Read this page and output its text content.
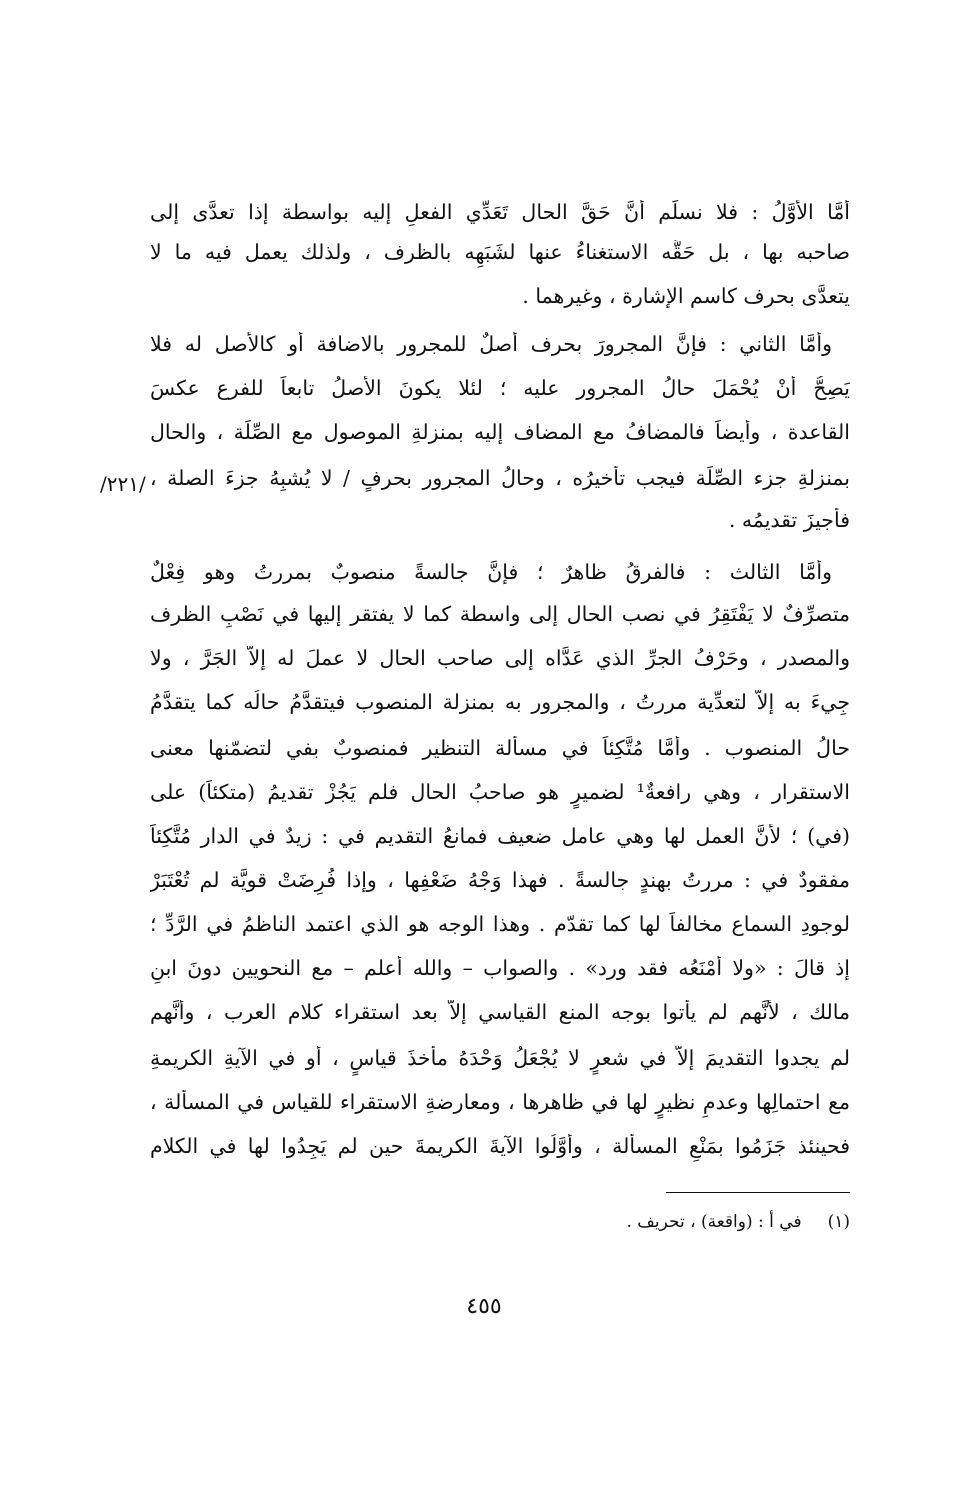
أمَّا الأوَّلُ : فلا نسلِّم أنَّ حَقَّ الحال تَعَدِّي الفعلِ إليه بواسطة إذا تعدَّى إلى
صاحبه بها ، بل حَقُّه الاستغناءُ عنها لشَبَهِه بالظرف ، ولذلك يعمل فيه ما لا
يتعدَّى بحرف كاسم الإشارة ، وغيرهما .
وأمَّا الثاني : فإنَّ المجرورَ بحرف أصلٌ للمجرور بالاضافة أو كالأصل له فلا
يَصِحُّ أنْ يُحْمَلَ حالُ المجرور عليه ؛ لئلا يكونَ الأصلُ تابعاً للفرع عكسَ
القاعدة ، وأيضاً فالمضافُ مع المضاف إليه بمنزلةِ الموصول مع الصِّلَة ، والحال
بمنزلةِ جزء الصِّلَة فيجب تأخيرُه ، وحالُ المجرور بحرفٍ / لا يُشبِهُ جزءَ الصلة ،
فأجيزَ تقديمُه .
وأمَّا الثالث : فالفرقُ ظاهرٌ ؛ فإنَّ جالسةً منصوبٌ بمررتُ وهو فِعْلٌ
متصرِّفٌ لا يَفْتَقِرُ في نصب الحال إلى واسطة كما لا يفتقر إليها في نَصْبِ الظرف
والمصدر ، وحَرْفُ الجرِّ الذي عَدَّاه إلى صاحب الحال لا عملَ له إلاَّ الجَرَّ ، ولا
جِيءَ به إلاَّ لتعدِّية مررتُ ، والمجرور به بمنزلة المنصوب فيتقدَّمُ حالُه كما يتقدَّمُ
حالُ المنصوب . وأمَّا مُتَّكِئاً في مسألة التنظير فمنصوبٌ بفي لتضمّنها معنى
الاستقرار ، وهي رافعةٌ¹ لضميرٍ هو صاحبُ الحال فلم يَجُزْ تقديمُ (متكئاً) على
(في) ؛ لأنَّ العمل لها وهي عامل ضعيف فمانعُ التقديم في : زيدٌ في الدار مُتَّكِئاً
مفقودٌ في : مررتُ بهندٍ جالسةً . فهذا وَجْهُ ضَعْفِها ، وإذا فُرِضَتْ قويَّة لم تُعْتَبَرْ
لوجودِ السماع مخالفاً لها كما تقدّم . وهذا الوجه هو الذي اعتمد الناظمُ في الرَّدِّ ؛
إذ قالَ : «ولا أَمْنَعُه فقد ورد» . والصواب – والله أعلم – مع النحويين دونَ ابنِ
مالك ، لأنَّهم لم يأتوا بوجه المنع القياسي إلاَّ بعد استقراء كلام العرب ، وأنَّهم
لم يجدوا التقديمَ إلاَّ في شعرٍ لا يُجْعَلُ وَحْدَهُ مأخذَ قياسٍ ، أو في الآيةِ الكريمةِ
مع احتمالِها وعدمِ نظيرٍ لها في ظاهرها ، ومعارضةِ الاستقراء للقياس في المسألة ،
فحينئذ جَزَمُوا بمَنْعِ المسألة ، وأوَّلُوا الآيةَ الكريمةَ حين لم يَجِدُوا لها في الكلام
/٢٢١/
(١)في أ : (واقعة) ، تحريف .
٤٥٥
